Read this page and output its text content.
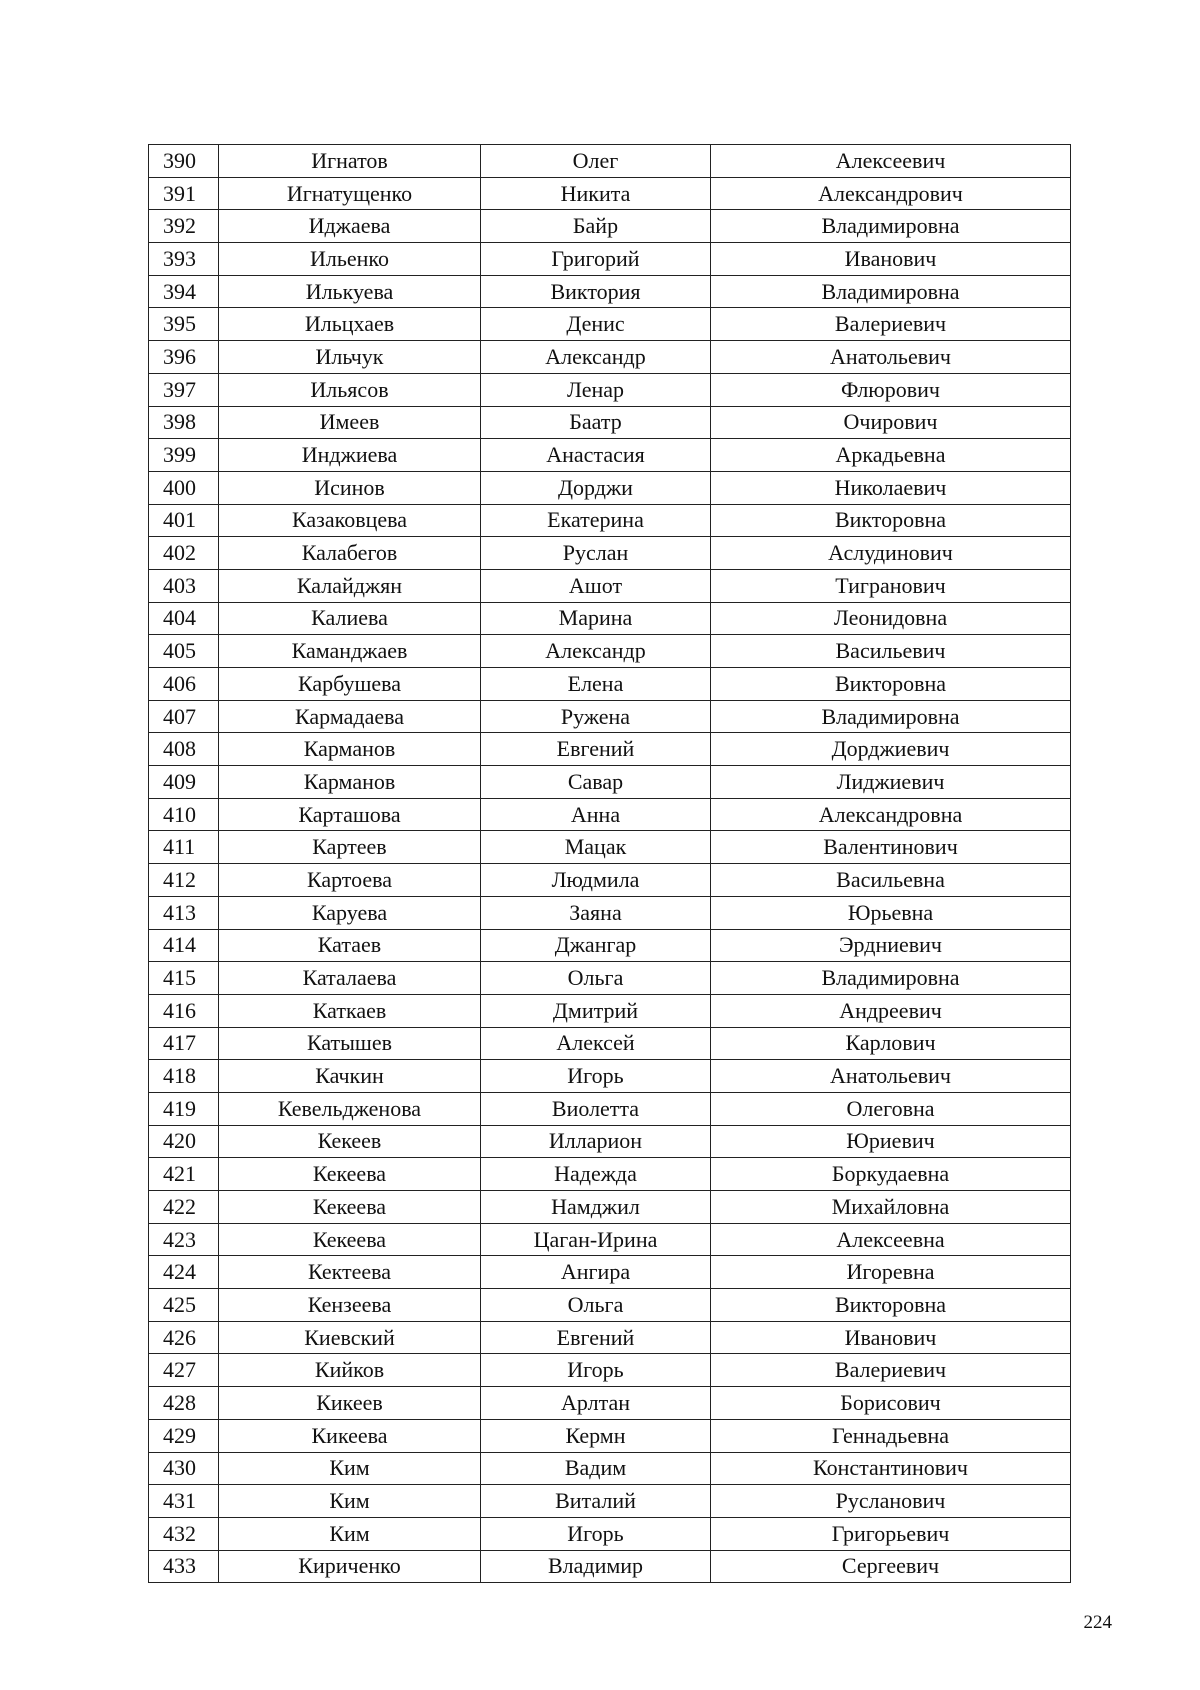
390	Игнатов	Олег	Алексеевич
391	Игнатущенко	Никита	Александрович
392	Иджаева	Байр	Владимировна
393	Ильенко	Григорий	Иванович
394	Илькуева	Виктория	Владимировна
395	Ильцхаев	Денис	Валериевич
396	Ильчук	Александр	Анатольевич
397	Ильясов	Ленар	Флюрович
398	Имеев	Баатр	Очирович
399	Инджиева	Анастасия	Аркадьевна
400	Исинов	Дорджи	Николаевич
401	Казаковцева	Екатерина	Викторовна
402	Калабегов	Руслан	Аслудинович
403	Калайджян	Ашот	Тигранович
404	Калиева	Марина	Леонидовна
405	Каманджаев	Александр	Васильевич
406	Карбушева	Елена	Викторовна
407	Кармадаева	Ружена	Владимировна
408	Карманов	Евгений	Дорджиевич
409	Карманов	Савар	Лиджиевич
410	Карташова	Анна	Александровна
411	Картеев	Мацак	Валентинович
412	Картоева	Людмила	Васильевна
413	Каруева	Заяна	Юрьевна
414	Катаев	Джангар	Эрдниевич
415	Каталаева	Ольга	Владимировна
416	Каткаев	Дмитрий	Андреевич
417	Катышев	Алексей	Карлович
418	Качкин	Игорь	Анатольевич
419	Кевельдженова	Виолетта	Олеговна
420	Кекеев	Илларион	Юриевич
421	Кекеева	Надежда	Боркудаевна
422	Кекеева	Намджил	Михайловна
423	Кекеева	Цаган-Ирина	Алексеевна
424	Кектеева	Ангира	Игоревна
425	Кензеева	Ольга	Викторовна
426	Киевский	Евгений	Иванович
427	Кийков	Игорь	Валериевич
428	Кикеев	Арлтан	Борисович
429	Кикеева	Кермн	Геннадьевна
430	Ким	Вадим	Константинович
431	Ким	Виталий	Русланович
432	Ким	Игорь	Григорьевич
433	Кириченко	Владимир	Сергеевич
224
